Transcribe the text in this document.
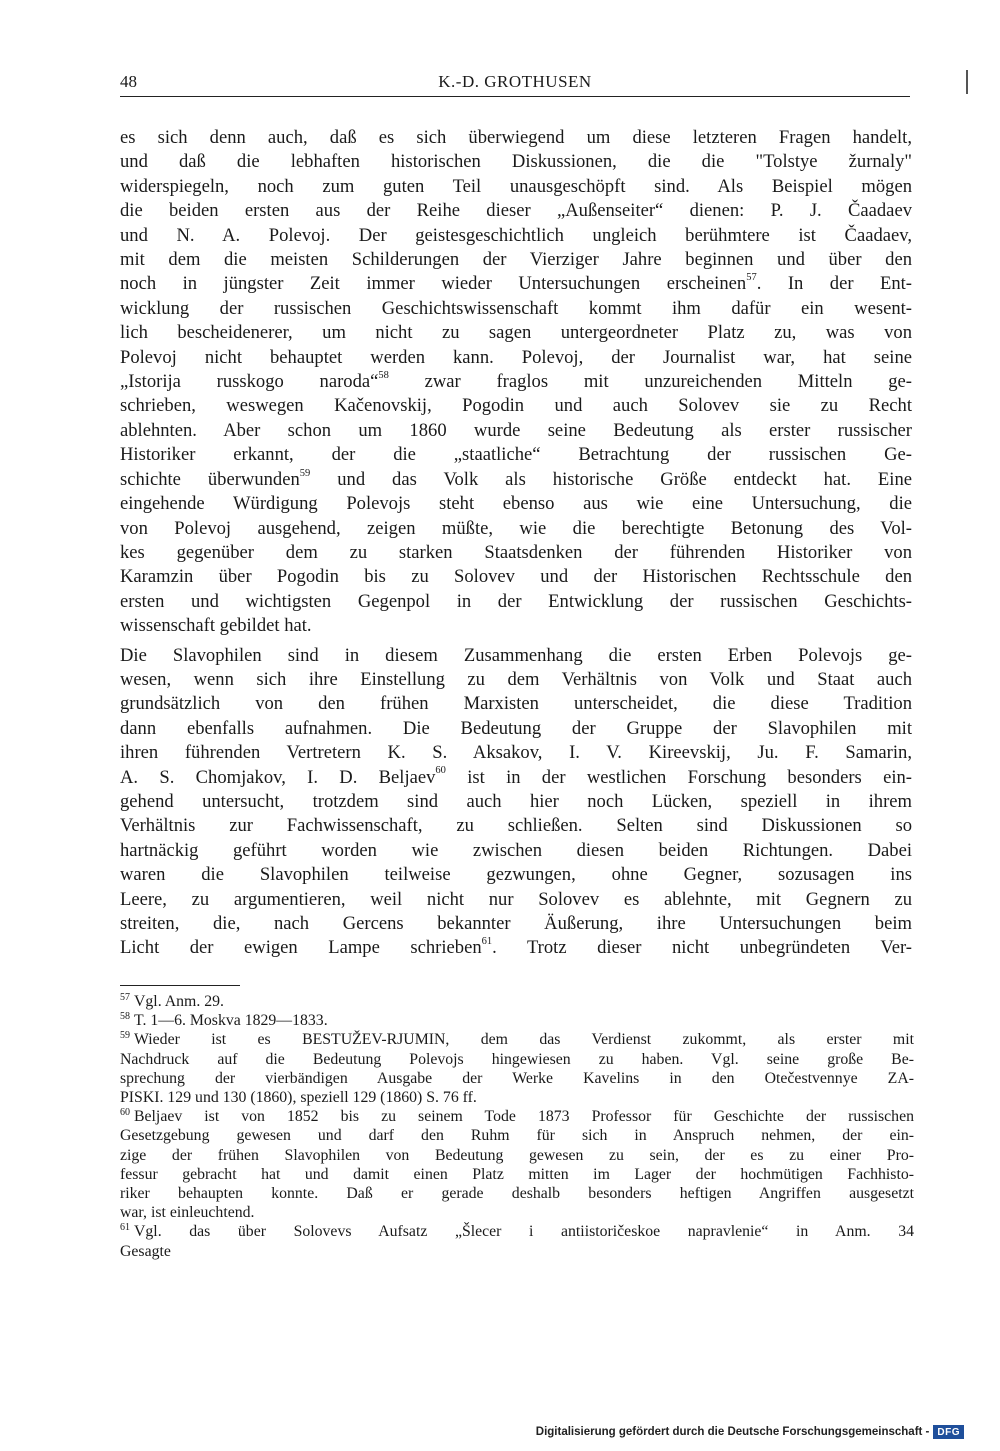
48	K.-D. GROTHUSEN

es sich denn auch, daß es sich überwiegend um diese letzteren Fragen handelt,
und daß die lebhaften historischen Diskussionen, die die "Tolstye žurnaly"
widerspiegeln, noch zum guten Teil unausgeschöpft sind. Als Beispiel mögen
die beiden ersten aus der Reihe dieser „Außenseiter“ dienen: P. J. Čaadaev
und N. A. Polevoj. Der geistesgeschichtlich ungleich berühmtere ist Čaadaev,
mit dem die meisten Schilderungen der Vierziger Jahre beginnen und über den
noch in jüngster Zeit immer wieder Untersuchungen erscheinen$^{57}$. In der Ent-
wicklung der russischen Geschichtswissenschaft kommt ihm dafür ein wesent-
lich bescheidenerer, um nicht zu sagen untergeordneter Platz zu, was von
Polevoj nicht behauptet werden kann. Polevoj, der Journalist war, hat seine
„Istorija russkogo naroda“$^{58}$ zwar fraglos mit unzureichenden Mitteln ge-
schrieben, weswegen Kačenovskij, Pogodin und auch Solovev sie zu Recht
ablehnten. Aber schon um 1860 wurde seine Bedeutung als erster russischer
Historiker erkannt, der die „staatliche“ Betrachtung der russischen Ge-
schichte überwunden$^{59}$ und das Volk als historische Größe entdeckt hat. Eine
eingehende Würdigung Polevojs steht ebenso aus wie eine Untersuchung, die
von Polevoj ausgehend, zeigen müßte, wie die berechtigte Betonung des Vol-
kes gegenüber dem zu starken Staatsdenken der führenden Historiker von
Karamzin über Pogodin bis zu Solovev und der Historischen Rechtsschule den
ersten und wichtigsten Gegenpol in der Entwicklung der russischen Geschichts-
wissenschaft gebildet hat.

Die Slavophilen sind in diesem Zusammenhang die ersten Erben Polevojs ge-
wesen, wenn sich ihre Einstellung zu dem Verhältnis von Volk und Staat auch
grundsätzlich von den frühen Marxisten unterscheidet, die diese Tradition
dann ebenfalls aufnahmen. Die Bedeutung der Gruppe der Slavophilen mit
ihren führenden Vertretern K. S. Aksakov, I. V. Kireevskij, Ju. F. Samarin,
A. S. Chomjakov, I. D. Beljaev$^{60}$ ist in der westlichen Forschung besonders ein-
gehend untersucht, trotzdem sind auch hier noch Lücken, speziell in ihrem
Verhältnis zur Fachwissenschaft, zu schließen. Selten sind Diskussionen so
hartnäckig geführt worden wie zwischen diesen beiden Richtungen. Dabei
waren die Slavophilen teilweise gezwungen, ohne Gegner, sozusagen ins
Leere, zu argumentieren, weil nicht nur Solovev es ablehnte, mit Gegnern zu
streiten, die, nach Gercens bekannter Äußerung, ihre Untersuchungen beim
Licht der ewigen Lampe schrieben$^{61}$. Trotz dieser nicht unbegründeten Ver-

$^{57}$ Vgl. Anm. 29.
$^{58}$ T. 1—6. Moskva 1829—1833.
$^{59}$ Wieder ist es BESTUŽEV-RJUMIN, dem das Verdienst zukommt, als erster mit
Nachdruck auf die Bedeutung Polevojs hingewiesen zu haben. Vgl. seine große Be-
sprechung der vierbändigen Ausgabe der Werke Kavelins in den Otečestvennye ZA-
PISKI. 129 und 130 (1860), speziell 129 (1860) S. 76 ff.
$^{60}$ Beljaev ist von 1852 bis zu seinem Tode 1873 Professor für Geschichte der russischen
Gesetzgebung gewesen und darf den Ruhm für sich in Anspruch nehmen, der ein-
zige der frühen Slavophilen von Bedeutung gewesen zu sein, der es zu einer Pro-
fessur gebracht hat und damit einen Platz mitten im Lager der hochmütigen Fachhisto-
riker behaupten konnte. Daß er gerade deshalb besonders heftigen Angriffen ausgesetzt
war, ist einleuchtend.
$^{61}$ Vgl. das über Solovevs Aufsatz „Šlecer i antiistoričeskoe napravlenie“ in Anm. 34
Gesagte
Digitalisierung gefördert durch die Deutsche Forschungsgemeinschaft - DFG
